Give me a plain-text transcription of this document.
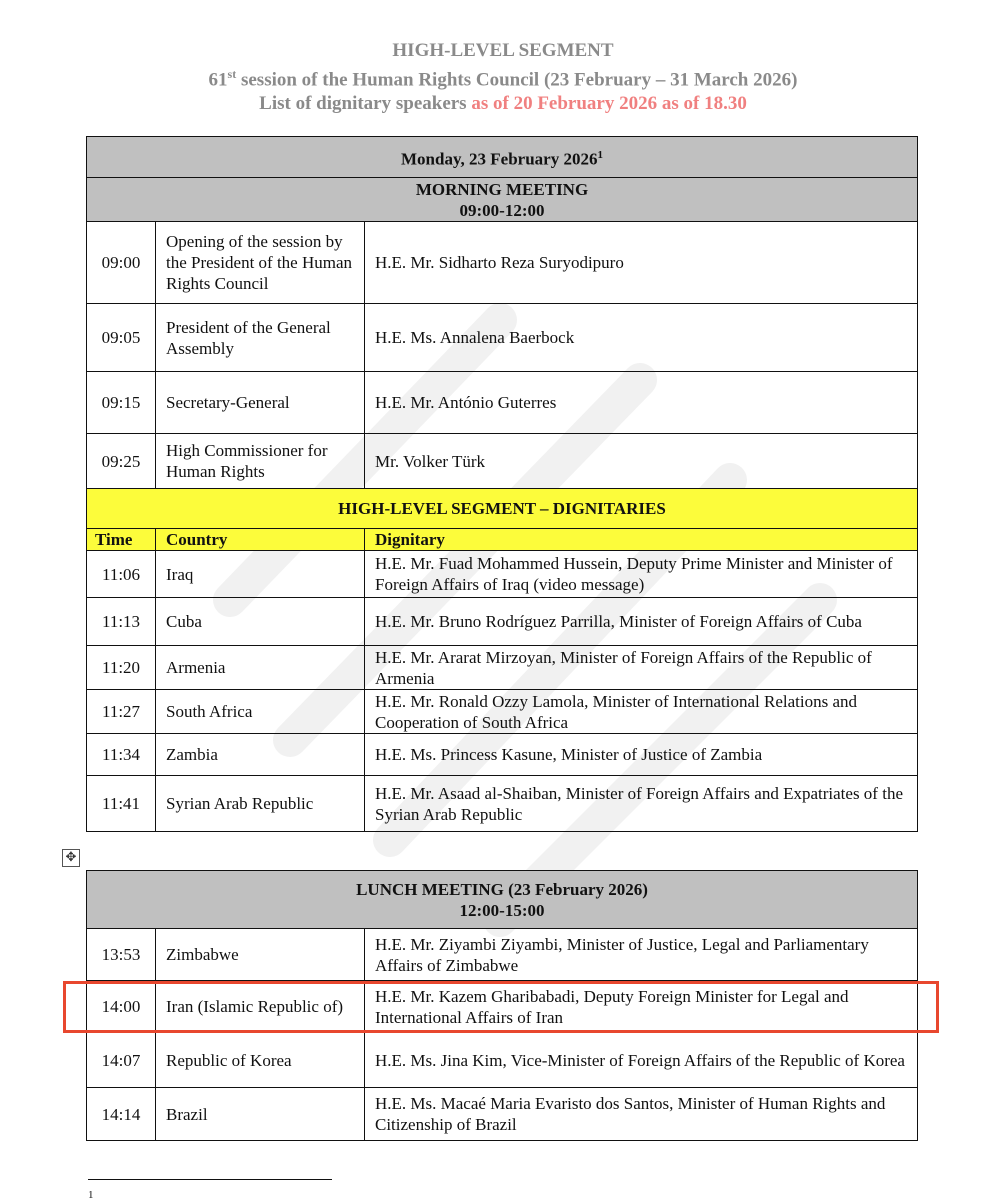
HIGH-LEVEL SEGMENT
61st session of the Human Rights Council (23 February – 31 March 2026)
List of dignitary speakers as of 20 February 2026 as of 18.30
Monday, 23 February 2026$^1$

MORNING MEETING
09:00-12:00		

09:00	Opening of the session by the President of the Human Rights Council	H.E. Mr. Sidharto Reza Suryodipuro
09:05	President of the General Assembly	H.E. Ms. Annalena Baerbock
09:15	Secretary-General	H.E. Mr. António Guterres
09:25	High Commissioner for Human Rights	Mr. Volker Türk
HIGH-LEVEL SEGMENT – DIGNITARIES		
Time	Country	Dignitary
11:06	Iraq	H.E. Mr. Fuad Mohammed Hussein, Deputy Prime Minister and Minister of Foreign Affairs of Iraq (video message)
11:13	Cuba	H.E. Mr. Bruno Rodríguez Parrilla, Minister of Foreign Affairs of Cuba
11:20	Armenia	H.E. Mr. Ararat Mirzoyan, Minister of Foreign Affairs of the Republic of Armenia
11:27	South Africa	H.E. Mr. Ronald Ozzy Lamola, Minister of International Relations and Cooperation of South Africa
11:34	Zambia	H.E. Ms. Princess Kasune, Minister of Justice of Zambia
11:41	Syrian Arab Republic	H.E. Mr. Asaad al-Shaiban, Minister of Foreign Affairs and Expatriates of the Syrian Arab Republic
✥
LUNCH MEETING (23 February 2026)
12:00-15:00		

13:53	Zimbabwe	H.E. Mr. Ziyambi Ziyambi, Minister of Justice, Legal and Parliamentary Affairs of Zimbabwe
14:00	Iran (Islamic Republic of)	H.E. Mr. Kazem Gharibabadi, Deputy Foreign Minister for Legal and International Affairs of Iran
14:07	Republic of Korea	H.E. Ms. Jina Kim, Vice-Minister of Foreign Affairs of the Republic of Korea
14:14	Brazil	H.E. Ms. Macaé Maria Evaristo dos Santos, Minister of Human Rights and Citizenship of Brazil
1
